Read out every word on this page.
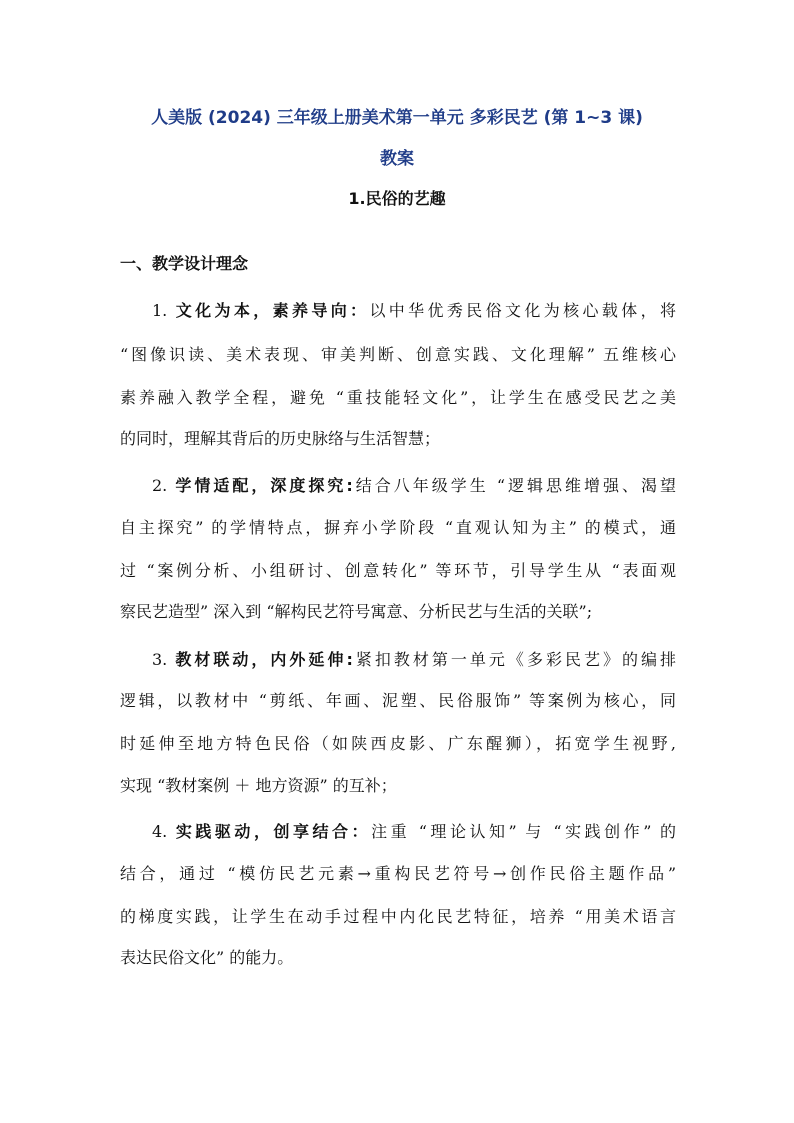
人美版 (2024) 三年级上册美术第一单元 多彩民艺 (第 1~3 课)
教案
1.民俗的艺趣
一、教学设计理念

1. 文化为本，素养导向：以中华优秀民俗文化为核心载体，将

“图像识读、美术表现、审美判断、创意实践、文化理解” 五维核心

素养融入教学全程，避免 “重技能轻文化”，让学生在感受民艺之美

的同时，理解其背后的历史脉络与生活智慧；

2. 学情适配，深度探究:结合八年级学生 “逻辑思维增强、渴望

自主探究” 的学情特点，摒弃小学阶段 “直观认知为主” 的模式，通

过 “案例分析、小组研讨、创意转化” 等环节，引导学生从 “表面观

察民艺造型” 深入到 “解构民艺符号寓意、分析民艺与生活的关联”;

3. 教材联动，内外延伸:紧扣教材第一单元《多彩民艺》的编排

逻辑，以教材中 “剪纸、年画、泥塑、民俗服饰” 等案例为核心，同

时延伸至地方特色民俗（如陕西皮影、广东醒狮），拓宽学生视野,

实现 “教材案例 ＋ 地方资源” 的互补；

4. 实践驱动，创享结合：注重 “理论认知” 与 “实践创作” 的

结合，通过 “模仿民艺元素→重构民艺符号→创作民俗主题作品”

的梯度实践，让学生在动手过程中内化民艺特征，培养 “用美术语言

表达民俗文化” 的能力。
